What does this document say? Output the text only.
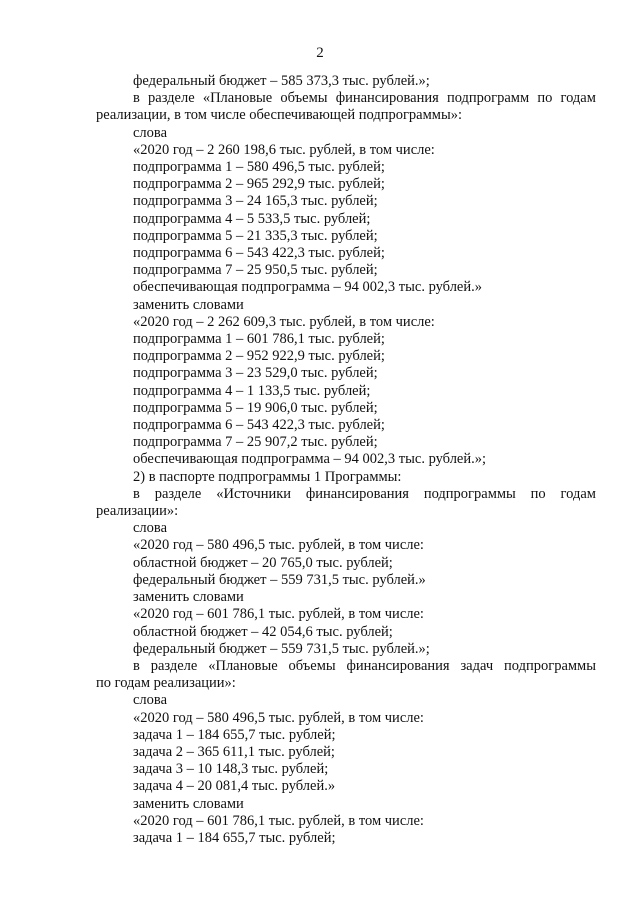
2
федеральный бюджет – 585 373,3 тыс. рублей.»;
в разделе «Плановые объемы финансирования подпрограмм по годам
реализации, в том числе обеспечивающей подпрограммы»:
слова
«2020 год – 2 260 198,6 тыс. рублей, в том числе:
подпрограмма 1 – 580 496,5 тыс. рублей;
подпрограмма 2 – 965 292,9 тыс. рублей;
подпрограмма 3 – 24 165,3 тыс. рублей;
подпрограмма 4 – 5 533,5 тыс. рублей;
подпрограмма 5 – 21 335,3 тыс. рублей;
подпрограмма 6 – 543 422,3 тыс. рублей;
подпрограмма 7 – 25 950,5 тыс. рублей;
обеспечивающая подпрограмма – 94 002,3 тыс. рублей.»
заменить словами
«2020 год – 2 262 609,3 тыс. рублей, в том числе:
подпрограмма 1 – 601 786,1 тыс. рублей;
подпрограмма 2 – 952 922,9 тыс. рублей;
подпрограмма 3 – 23 529,0 тыс. рублей;
подпрограмма 4 – 1 133,5 тыс. рублей;
подпрограмма 5 – 19 906,0 тыс. рублей;
подпрограмма 6 – 543 422,3 тыс. рублей;
подпрограмма 7 – 25 907,2 тыс. рублей;
обеспечивающая подпрограмма – 94 002,3 тыс. рублей.»;
2) в паспорте подпрограммы 1 Программы:
в разделе «Источники финансирования подпрограммы по годам
реализации»:
слова
«2020 год – 580 496,5 тыс. рублей, в том числе:
областной бюджет – 20 765,0 тыс. рублей;
федеральный бюджет – 559 731,5 тыс. рублей.»
заменить словами
«2020 год – 601 786,1 тыс. рублей, в том числе:
областной бюджет – 42 054,6 тыс. рублей;
федеральный бюджет – 559 731,5 тыс. рублей.»;
в разделе «Плановые объемы финансирования задач подпрограммы
по годам реализации»:
слова
«2020 год – 580 496,5 тыс. рублей, в том числе:
задача 1 – 184 655,7 тыс. рублей;
задача 2 – 365 611,1 тыс. рублей;
задача 3 – 10 148,3 тыс. рублей;
задача 4 – 20 081,4 тыс. рублей.»
заменить словами
«2020 год – 601 786,1 тыс. рублей, в том числе:
задача 1 – 184 655,7 тыс. рублей;
